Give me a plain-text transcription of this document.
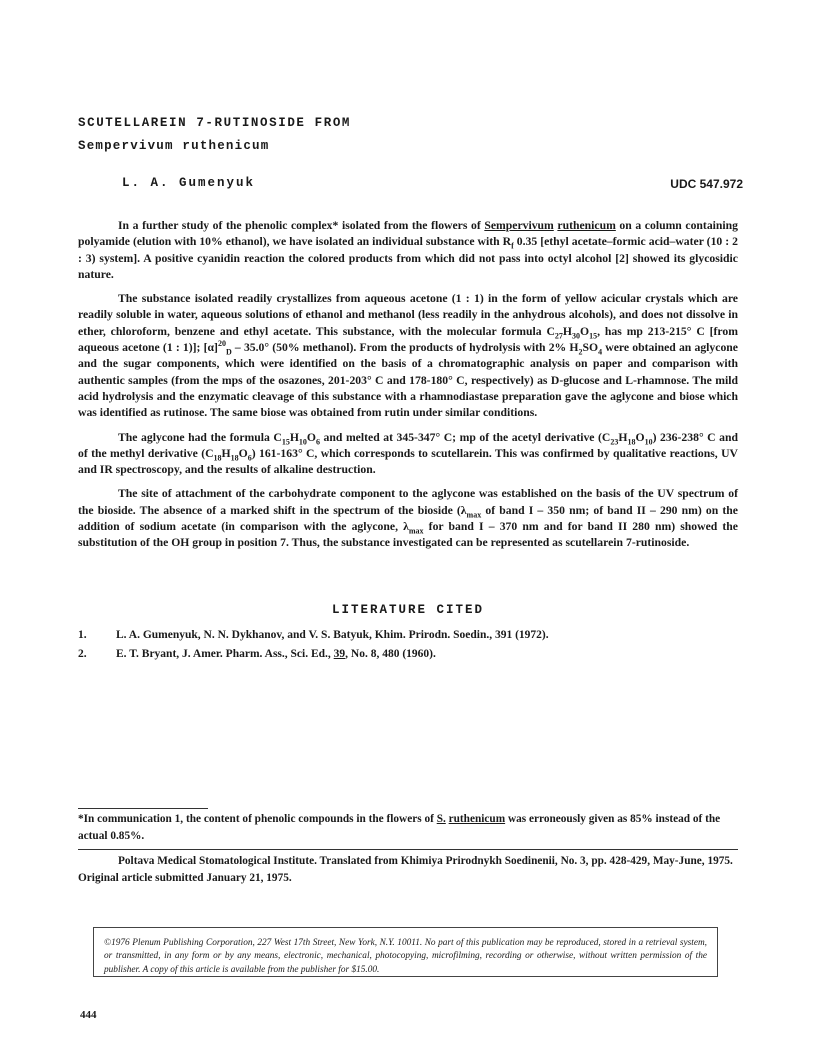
SCUTELLAREIN 7-RUTINOSIDE FROM
Sempervivum ruthenicum
L. A. Gumenyuk	UDC 547.972

In a further study of the phenolic complex* isolated from the flowers of Sempervivum ruthenicum on a column containing polyamide (elution with 10% ethanol), we have isolated an individual substance with $R_f$ 0.35 [ethyl acetate–formic acid–water (10 : 2 : 3) system]. A positive cyanidin reaction the colored products from which did not pass into octyl alcohol [2] showed its glycosidic nature.

The substance isolated readily crystallizes from aqueous acetone (1 : 1) in the form of yellow acicular crystals which are readily soluble in water, aqueous solutions of ethanol and methanol (less readily in the anhydrous alcohols), and does not dissolve in ether, chloroform, benzene and ethyl acetate. This substance, with the molecular formula $C_{27}H_{30}O_{15}$, has mp 213-215° C [from aqueous acetone (1 : 1)]; $[\alpha]^{20}_D - 35.0^\circ$ (50% methanol). From the products of hydrolysis with 2% $H_2SO_4$ were obtained an aglycone and the sugar components, which were identified on the basis of a chromatographic analysis on paper and comparison with authentic samples (from the mps of the osazones, 201-203° C and 178-180° C, respectively) as D-glucose and L-rhamnose. The mild acid hydrolysis and the enzymatic cleavage of this substance with a rhamnodiastase preparation gave the aglycone and biose which was identified as rutinose. The same biose was obtained from rutin under similar conditions.

The aglycone had the formula $C_{15}H_{10}O_6$ and melted at 345-347° C; mp of the acetyl derivative $(C_{23}H_{18}O_{10})$ 236-238° C and of the methyl derivative $(C_{18}H_{18}O_6)$ 161-163° C, which corresponds to scutellarein. This was confirmed by qualitative reactions, UV and IR spectroscopy, and the results of alkaline destruction.

The site of attachment of the carbohydrate component to the aglycone was established on the basis of the UV spectrum of the bioside. The absence of a marked shift in the spectrum of the bioside ($\lambda_{max}$ of band I – 350 nm; of band II – 290 nm) on the addition of sodium acetate (in comparison with the aglycone, $\lambda_{max}$ for band I – 370 nm and for band II 280 nm) showed the substitution of the OH group in position 7. Thus, the substance investigated can be represented as scutellarein 7-rutinoside.

LITERATURE CITED
1.	L. A. Gumenyuk, N. N. Dykhanov, and V. S. Batyuk, Khim. Prirodn. Soedin., 391 (1972).
2.	E. T. Bryant, J. Amer. Pharm. Ass., Sci. Ed., 39, No. 8, 480 (1960).
*In communication 1, the content of phenolic compounds in the flowers of S. ruthenicum was erroneously given as 85% instead of the actual 0.85%.
Poltava Medical Stomatological Institute. Translated from Khimiya Prirodnykh Soedinenii, No. 3, pp. 428-429, May-June, 1975. Original article submitted January 21, 1975.
©1976 Plenum Publishing Corporation, 227 West 17th Street, New York, N.Y. 10011. No part of this publication may be reproduced, stored in a retrieval system, or transmitted, in any form or by any means, electronic, mechanical, photocopying, microfilming, recording or otherwise, without written permission of the publisher. A copy of this article is available from the publisher for $15.00.
444
